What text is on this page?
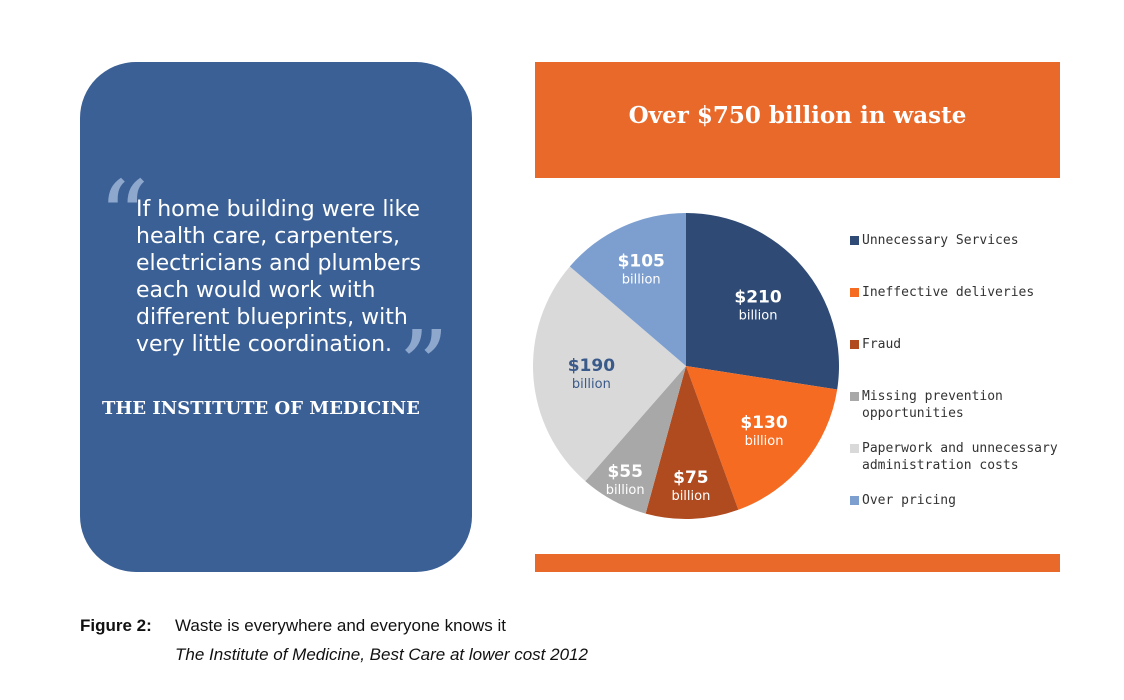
“
If home building were like
health care, carpenters,
electricians and plumbers
each would work with
different blueprints, with
very little coordination. ”
THE INSTITUTE OF MEDICINE
Over $750 billion in waste
$210
billion
$130
billion
$75
billion
$55
billion
$190
billion
$105
billion
Unnecessary Services
Ineffective deliveries
Fraud
Missing prevention
opportunities
Paperwork and unnecessary
administration costs
Over pricing
Figure 2: Waste is everywhere and everyone knows it
The Institute of Medicine, Best Care at lower cost 2012
